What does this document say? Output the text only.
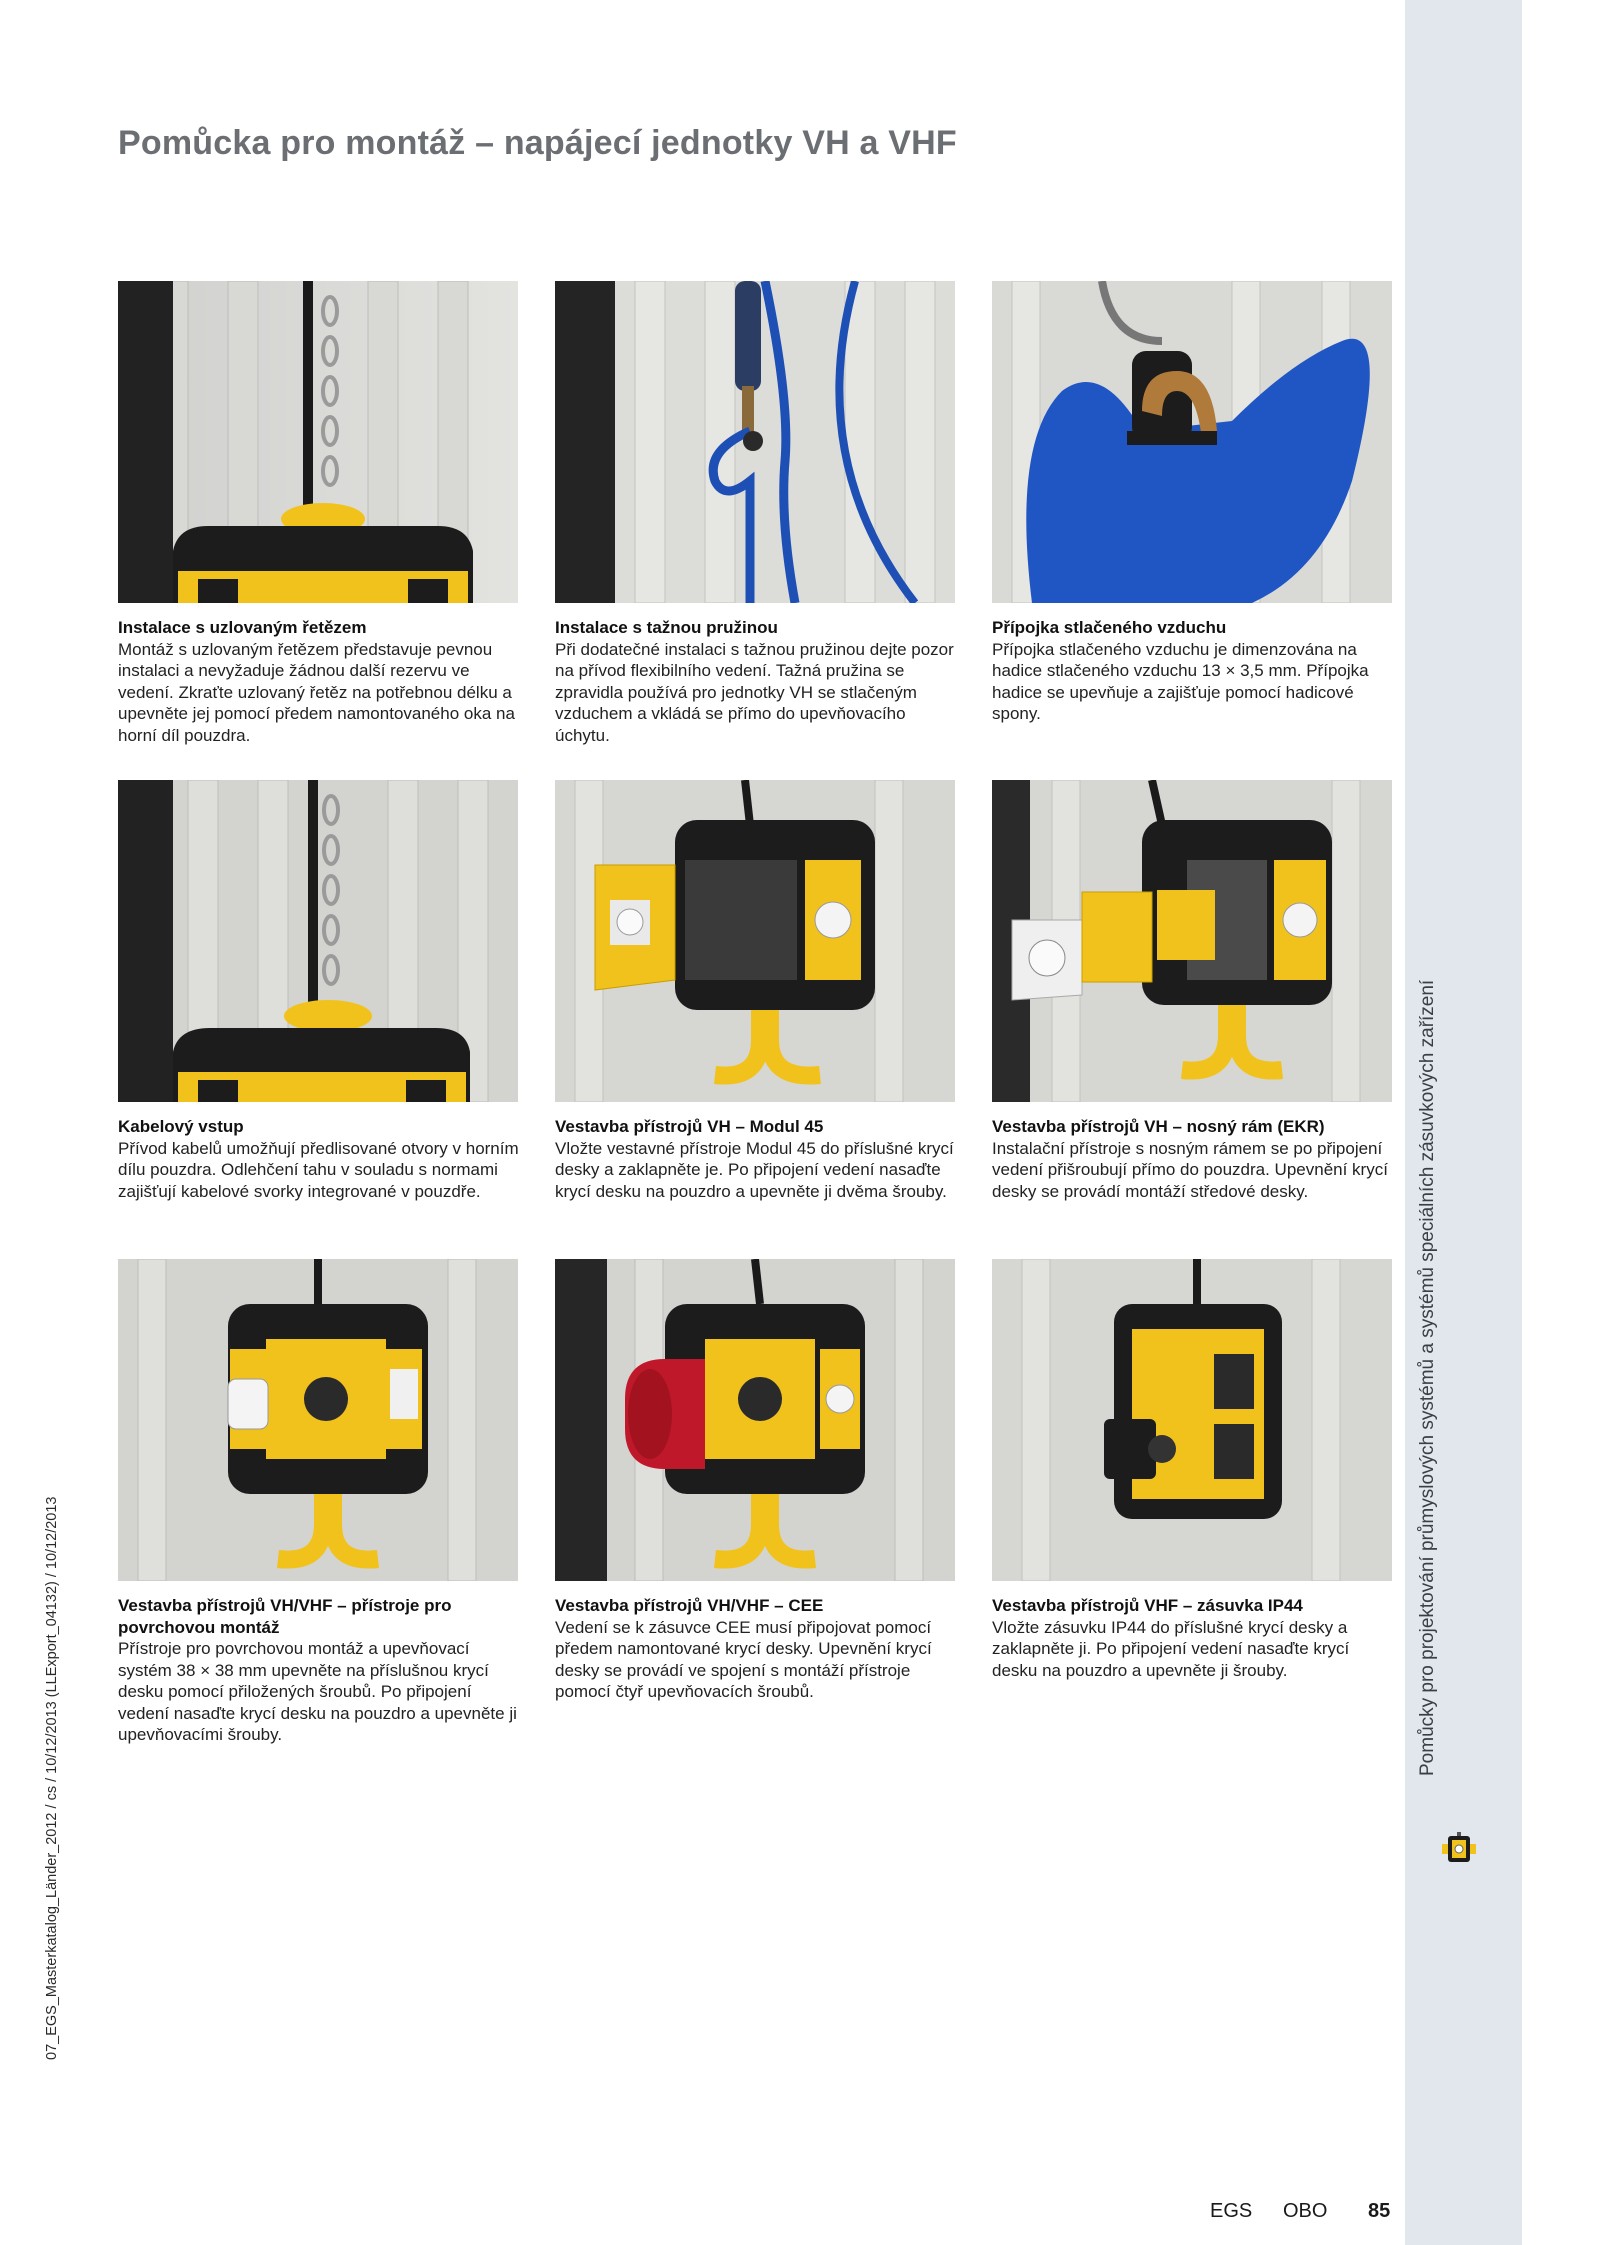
Pomůcky pro projektování průmyslových systémů a systémů speciálních zásuvkových zařízení
07_EGS_Masterkatalog_Länder_2012 / cs / 10/12/2013 (LLExport_04132) / 10/12/2013
Pomůcka pro montáž – napájecí jednotky VH a VHF
Instalace s uzlovaným řetězem

Montáž s uzlovaným řetězem představuje pevnou instalaci a nevyžaduje žádnou další rezervu ve vedení. Zkraťte uzlovaný řetěz na potřebnou délku a upevněte jej pomocí předem namontovaného oka na horní díl pouzdra.

Instalace s tažnou pružinou

Při dodatečné instalaci s tažnou pružinou dejte pozor na přívod flexibilního vedení. Tažná pružina se zpravidla používá pro jednotky VH se stlačeným vzduchem a vkládá se přímo do upevňovacího úchytu.

Přípojka stlačeného vzduchu

Přípojka stlačeného vzduchu je dimenzována na hadice stlačeného vzduchu 13 × 3,5 mm. Přípojka hadice se upevňuje a zajišťuje pomocí hadicové spony.

Kabelový vstup

Přívod kabelů umožňují předlisované otvory v horním dílu pouzdra. Odlehčení tahu v souladu s normami zajišťují kabelové svorky integrované v pouzdře.

Vestavba přístrojů VH – Modul 45

Vložte vestavné přístroje Modul 45 do příslušné krycí desky a zaklapněte je. Po připojení vedení nasaďte krycí desku na pouzdro a upevněte ji dvěma šrouby.

Vestavba přístrojů VH – nosný rám (EKR)

Instalační přístroje s nosným rámem se po připojení vedení přišroubují přímo do pouzdra. Upevnění krycí desky se provádí montáží středové desky.

Vestavba přístrojů VH/VHF – přístroje pro povrchovou montáž

Přístroje pro povrchovou montáž a upevňovací systém 38 × 38 mm upevněte na příslušnou krycí desku pomocí přiložených šroubů. Po připojení vedení nasaďte krycí desku na pouzdro a upevněte ji upevňovacími šrouby.

Vestavba přístrojů VH/VHF – CEE

Vedení se k zásuvce CEE musí připojovat pomocí předem namontované krycí desky. Upevnění krycí desky se provádí ve spojení s montáží přístroje pomocí čtyř upevňovacích šroubů.

Vestavba přístrojů VHF – zásuvka IP44

Vložte zásuvku IP44 do příslušné krycí desky a zaklapněte ji. Po připojení vedení nasaďte krycí desku na pouzdro a upevněte ji šrouby.

EGS OBO 85
